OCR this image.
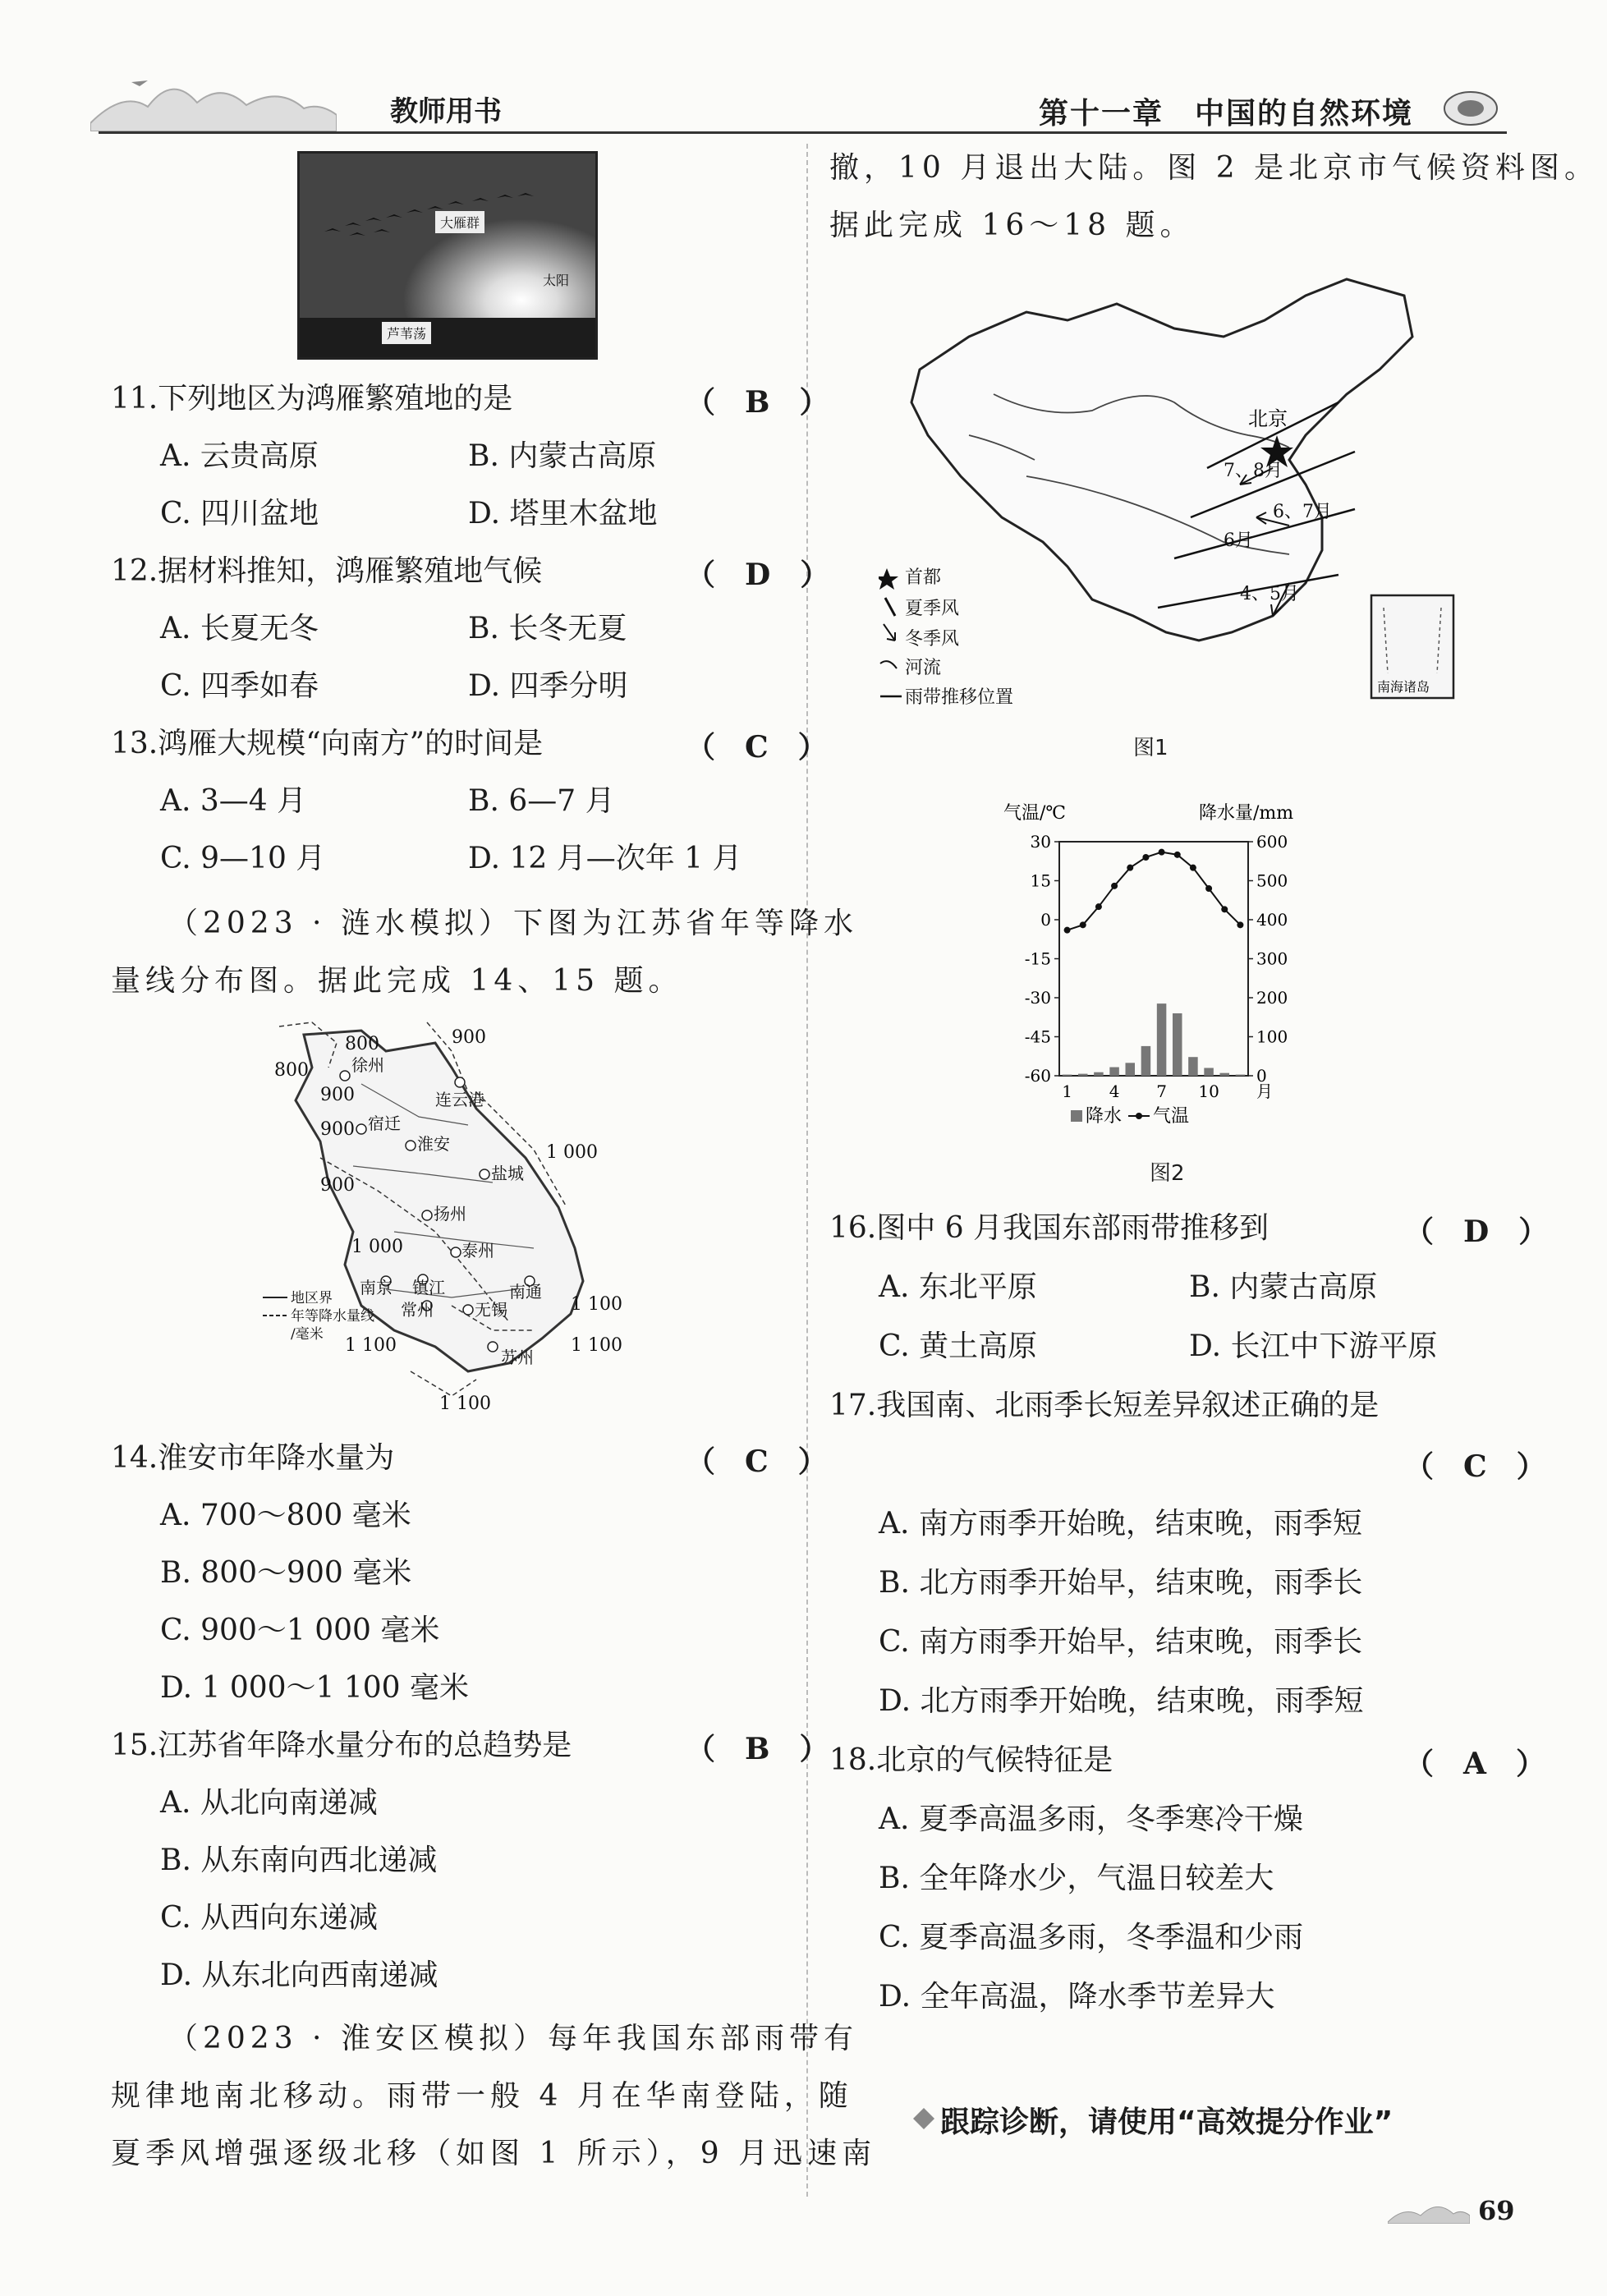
教师用书	第十一章　中国的自然环境
大雁群
太阳
芦苇荡
11.下列地区为鸿雁繁殖地的是	（　B　）
A. 云贵高原	B. 内蒙古高原
C. 四川盆地	D. 塔里木盆地
12.据材料推知，鸿雁繁殖地气候	（　D　）
A. 长夏无冬	B. 长冬无夏
C. 四季如春	D. 四季分明
13.鸿雁大规模“向南方”的时间是	（　C　）
A. 3—4 月	B. 6—7 月
C. 9—10 月	D. 12 月—次年 1 月
（2023 · 涟水模拟）下图为江苏省年等降水
量线分布图。据此完成 14、15 题。
徐州
连云港
宿迁
淮安
盐城
扬州
泰州
南京 镇江
常州	无锡
南通
苏州
800
800
900
900
900
900
1 000
1 000
1 100
1 100
1 100
1 100
地区界
年等降水量线
/毫米
14.淮安市年降水量为	（　C　）
A. 700～800 毫米
B. 800～900 毫米
C. 900～1 000 毫米
D. 1 000～1 100 毫米
15.江苏省年降水量分布的总趋势是	（　B　）
A. 从北向南递减
B. 从东南向西北递减
C. 从西向东递减
D. 从东北向西南递减
（2023 · 淮安区模拟）每年我国东部雨带有
规律地南北移动。雨带一般 4 月在华南登陆，随
夏季风增强逐级北移（如图 1 所示），9 月迅速南
撤，10 月退出大陆。图 2 是北京市气候资料图。
据此完成 16～18 题。
北京
7、8月
6、7月
6月
4、5月
首都
夏季风
冬季风
河流
雨带推移位置
南海诸岛
图1
气温/℃	降水量/mm
30
15
0
-15
-30
-45
-60
600
500
400
300
200
100
0
1 4 7 10 月
降水 气温
图2
16.图中 6 月我国东部雨带推移到	（　D　）
A. 东北平原	B. 内蒙古高原
C. 黄土高原	D. 长江中下游平原
17.我国南、北雨季长短差异叙述正确的是
（　C　）
A. 南方雨季开始晚，结束晚，雨季短
B. 北方雨季开始早，结束晚，雨季长
C. 南方雨季开始早，结束晚，雨季长
D. 北方雨季开始晚，结束晚，雨季短
18.北京的气候特征是	（　A　）
A. 夏季高温多雨，冬季寒冷干燥
B. 全年降水少，气温日较差大
C. 夏季高温多雨，冬季温和少雨
D. 全年高温，降水季节差异大
跟踪诊断，请使用“高效提分作业”
69
